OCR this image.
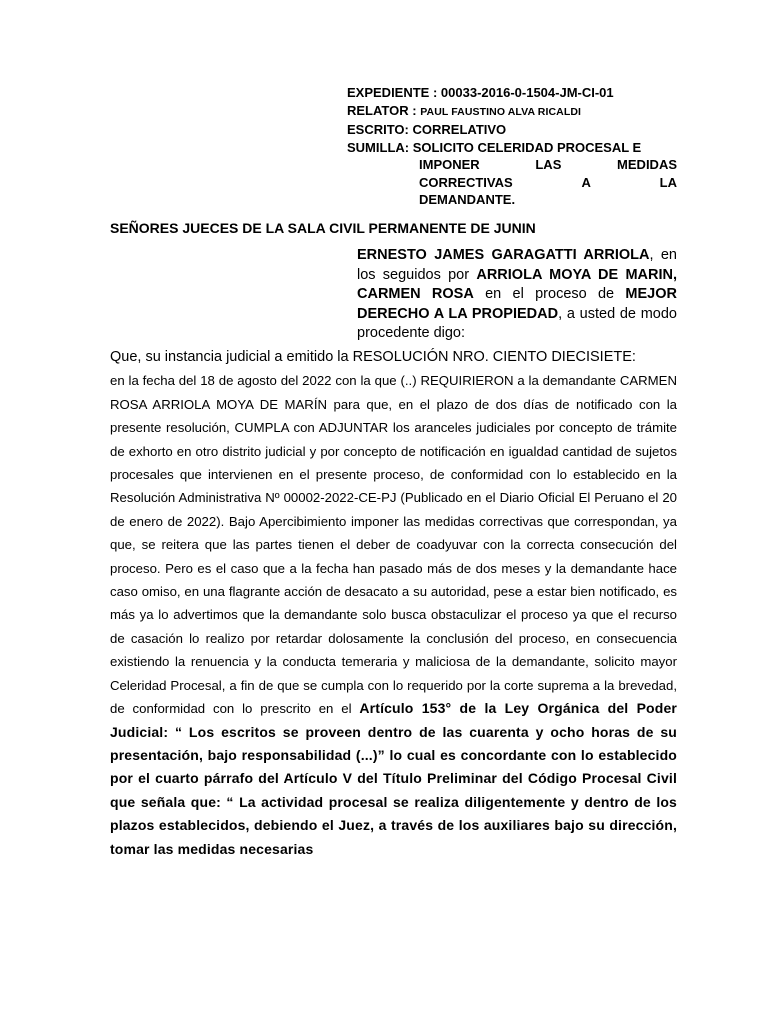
EXPEDIENTE : 00033-2016-0-1504-JM-CI-01
RELATOR : PAUL FAUSTINO ALVA RICALDI
ESCRITO: CORRELATIVO
SUMILLA: SOLICITO CELERIDAD PROCESAL E
IMPONER LAS MEDIDAS
CORRECTIVAS A LA
DEMANDANTE.
SEÑORES JUECES DE LA SALA CIVIL PERMANENTE DE JUNIN
ERNESTO JAMES GARAGATTI ARRIOLA, en los seguidos por ARRIOLA MOYA DE MARIN, CARMEN ROSA en el proceso de MEJOR DERECHO A LA PROPIEDAD, a usted de modo procedente digo:
Que, su instancia judicial a emitido la RESOLUCIÓN NRO. CIENTO DIECISIETE:
en la fecha del 18 de agosto del 2022 con la que (..) REQUIRIERON a la demandante CARMEN ROSA ARRIOLA MOYA DE MARÍN para que, en el plazo de dos días de notificado con la presente resolución, CUMPLA con ADJUNTAR los aranceles judiciales por concepto de trámite de exhorto en otro distrito judicial y por concepto de notificación en igualdad cantidad de sujetos procesales que intervienen en el presente proceso, de conformidad con lo establecido en la Resolución Administrativa Nº 00002-2022-CE-PJ (Publicado en el Diario Oficial El Peruano el 20 de enero de 2022). Bajo Apercibimiento imponer las medidas correctivas que correspondan, ya que, se reitera que las partes tienen el deber de coadyuvar con la correcta consecución del proceso. Pero es el caso que a la fecha han pasado más de dos meses y la demandante hace caso omiso, en una flagrante acción de desacato a su autoridad, pese a estar bien notificado, es más ya lo advertimos que la demandante solo busca obstaculizar el proceso ya que el recurso de casación lo realizo por retardar dolosamente la conclusión del proceso, en consecuencia existiendo la renuencia y la conducta temeraria y maliciosa de la demandante, solicito mayor Celeridad Procesal, a fin de que se cumpla con lo requerido por la corte suprema a la brevedad, de conformidad con lo prescrito en el Artículo 153° de la Ley Orgánica del Poder Judicial: “ Los escritos se proveen dentro de las cuarenta y ocho horas de su presentación, bajo responsabilidad (...)” lo cual es concordante con lo establecido por el cuarto párrafo del Artículo V del Título Preliminar del Código Procesal Civil que señala que: “ La actividad procesal se realiza diligentemente y dentro de los plazos establecidos, debiendo el Juez, a través de los auxiliares bajo su dirección, tomar las medidas necesarias
